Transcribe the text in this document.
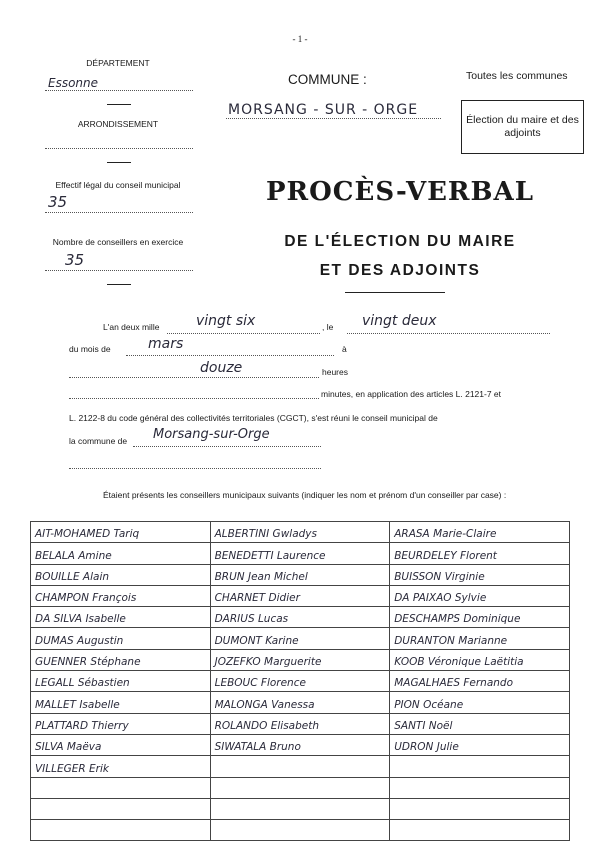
- 1 -
DÉPARTEMENT
Essonne
ARRONDISSEMENT
Effectif légal du conseil municipal
35
Nombre de conseillers en exercice
35
COMMUNE :
MORSANG - SUR - ORGE
Toutes les communes
Élection du maire et des adjoints
PROCÈS-VERBAL
DE L'ÉLECTION DU MAIRE
ET DES ADJOINTS
L'an deux mille	vingt six	, le vingt deux
du mois de	mars	à
douze	heures
minutes, en application des articles L. 2121-7 et
L. 2122-8 du code général des collectivités territoriales (CGCT), s'est réuni le conseil municipal de
la commune de Morsang-sur-Orge
Étaient présents les conseillers municipaux suivants (indiquer les nom et prénom d'un conseiller par case) :
AIT-MOHAMED Tariq	ALBERTINI Gwladys	ARASA Marie-Claire
BELALA Amine	BENEDETTI Laurence	BEURDELEY Florent
BOUILLE Alain	BRUN Jean Michel	BUISSON Virginie
CHAMPON François	CHARNET Didier	DA PAIXAO Sylvie
DA SILVA Isabelle	DARIUS Lucas	DESCHAMPS Dominique
DUMAS Augustin	DUMONT Karine	DURANTON Marianne
GUENNER Stéphane	JOZEFKO Marguerite	KOOB Véronique Laëtitia
LEGALL Sébastien	LEBOUC Florence	MAGALHAES Fernando
MALLET Isabelle	MALONGA Vanessa	PION Océane
PLATTARD Thierry	ROLANDO Elisabeth	SANTI Noël
SILVA Maëva	SIWATALA Bruno	UDRON Julie
VILLEGER Erik		
